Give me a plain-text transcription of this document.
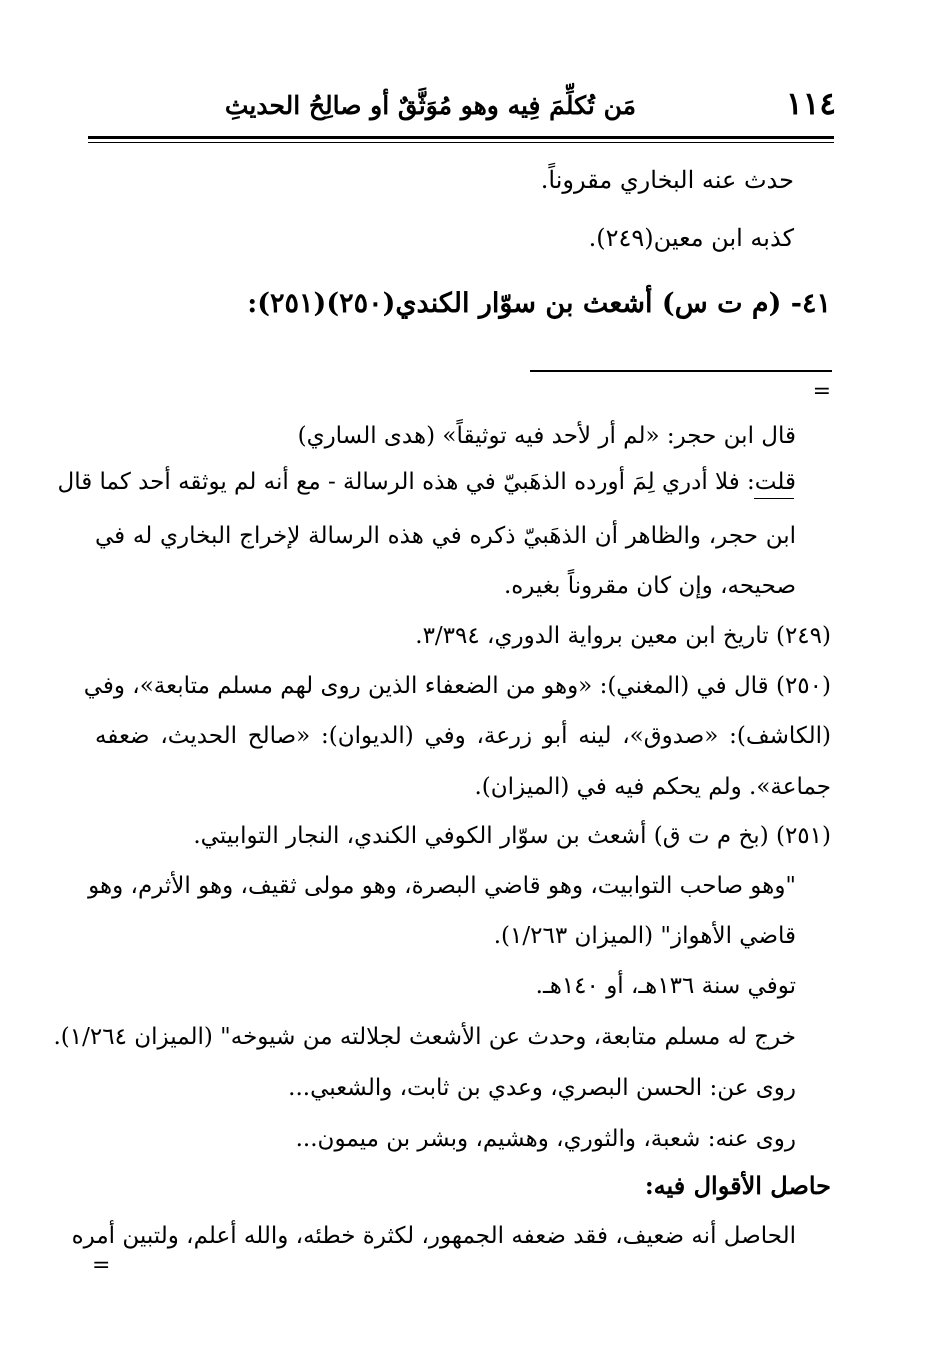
١١٤
مَن تُكلِّمَ فِيه وهو مُوَثَّقٌ أو صالِحُ الحديثِ
حدث عنه البخاري مقروناً.
كذبه ابن معين(٢٤٩).
٤١- (م ت س) أشعث بن سوّار الكندي(٢٥٠)(٢٥١):
=
قال ابن حجر: «لم أر لأحد فيه توثيقاً» (هدى الساري)
قلت: فلا أدري لِمَ أورده الذهَبيّ في هذه الرسالة - مع أنه لم يوثقه أحد كما قال
ابن حجر، والظاهر أن الذهَبيّ ذكره في هذه الرسالة لإخراج البخاري له في
صحيحه، وإن كان مقروناً بغيره.
(٢٤٩) تاريخ ابن معين برواية الدوري، ٣/٣٩٤.
(٢٥٠) قال في (المغني): «وهو من الضعفاء الذين روى لهم مسلم متابعة»، وفي
(الكاشف): «صدوق»، لينه أبو زرعة، وفي (الديوان): «صالح الحديث، ضعفه
جماعة». ولم يحكم فيه في (الميزان).
(٢٥١) (بخ م ت ق) أشعث بن سوّار الكوفي الكندي، النجار التوابيتي.
"وهو صاحب التوابيت، وهو قاضي البصرة، وهو مولى ثقيف، وهو الأثرم، وهو
قاضي الأهواز" (الميزان ١/٢٦٣).
توفي سنة ١٣٦هـ، أو ١٤٠هـ.
خرج له مسلم متابعة، وحدث عن الأشعث لجلالته من شيوخه" (الميزان ١/٢٦٤).
روى عن: الحسن البصري، وعدي بن ثابت، والشعبي...
روى عنه: شعبة، والثوري، وهشيم، وبشر بن ميمون...
حاصل الأقوال فيه:
الحاصل أنه ضعيف، فقد ضعفه الجمهور، لكثرة خطئه، والله أعلم، ولتبين أمره
=
